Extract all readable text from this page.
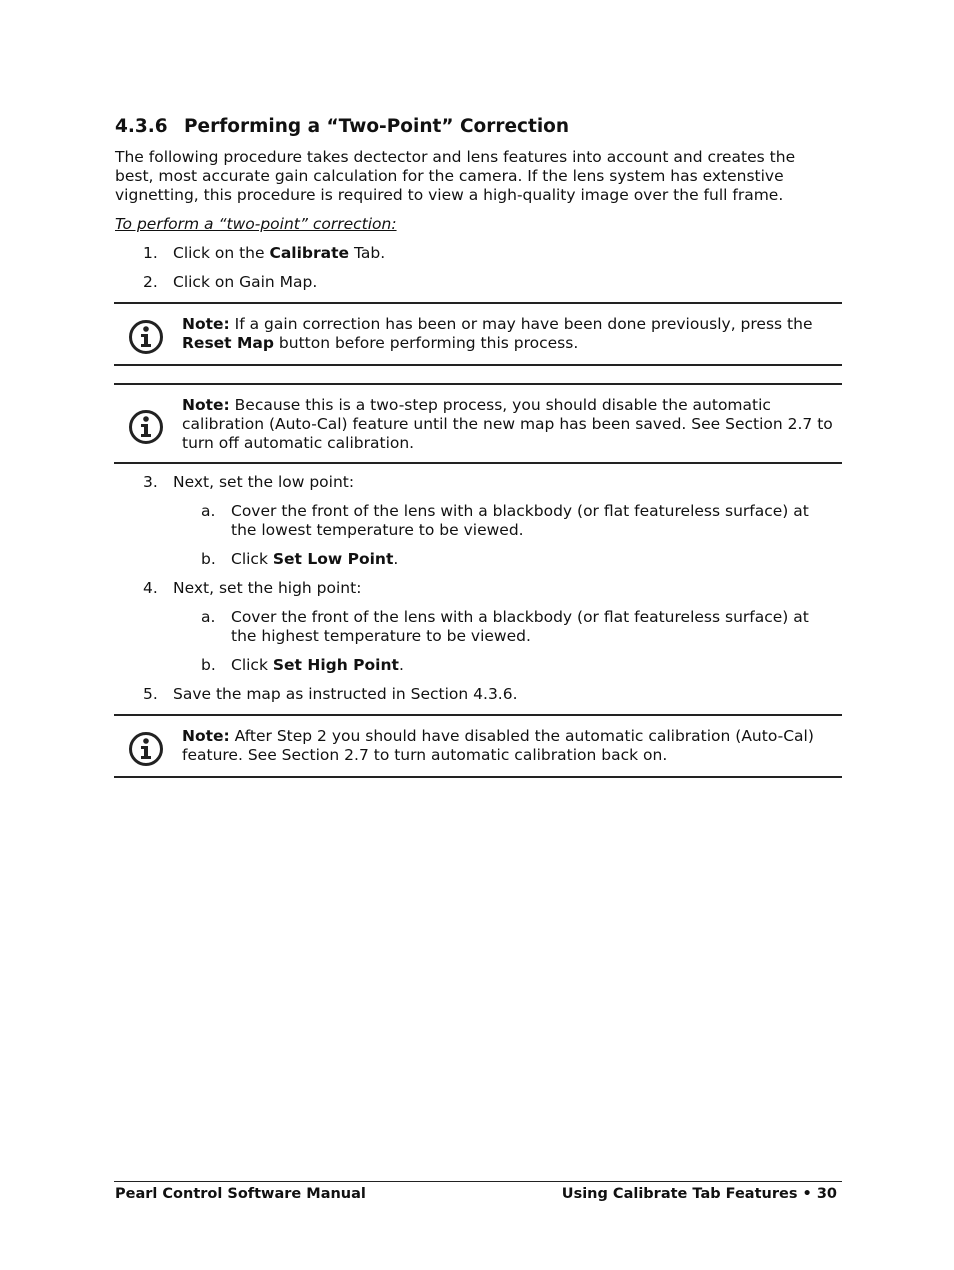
4.3.6 Performing a “Two-Point” Correction
The following procedure takes dectector and lens features into account and creates the best, most accurate gain calculation for the camera. If the lens system has extenstive vignetting, this procedure is required to view a high-quality image over the full frame.
To perform a “two-point” correction:
1. Click on the Calibrate Tab.
2. Click on Gain Map.
Note: If a gain correction has been or may have been done previously, press the Reset Map button before performing this process.
Note: Because this is a two-step process, you should disable the automatic calibration (Auto-Cal) feature until the new map has been saved. See Section 2.7 to turn off automatic calibration.
3. Next, set the low point:
a. Cover the front of the lens with a blackbody (or flat featureless surface) at the lowest temperature to be viewed.
b. Click Set Low Point.
4. Next, set the high point:
a. Cover the front of the lens with a blackbody (or flat featureless surface) at the highest temperature to be viewed.
b. Click Set High Point.
5. Save the map as instructed in Section 4.3.6.
Note: After Step 2 you should have disabled the automatic calibration (Auto-Cal) feature. See Section 2.7 to turn automatic calibration back on.
Pearl Control Software Manual	Using Calibrate Tab Features • 30
